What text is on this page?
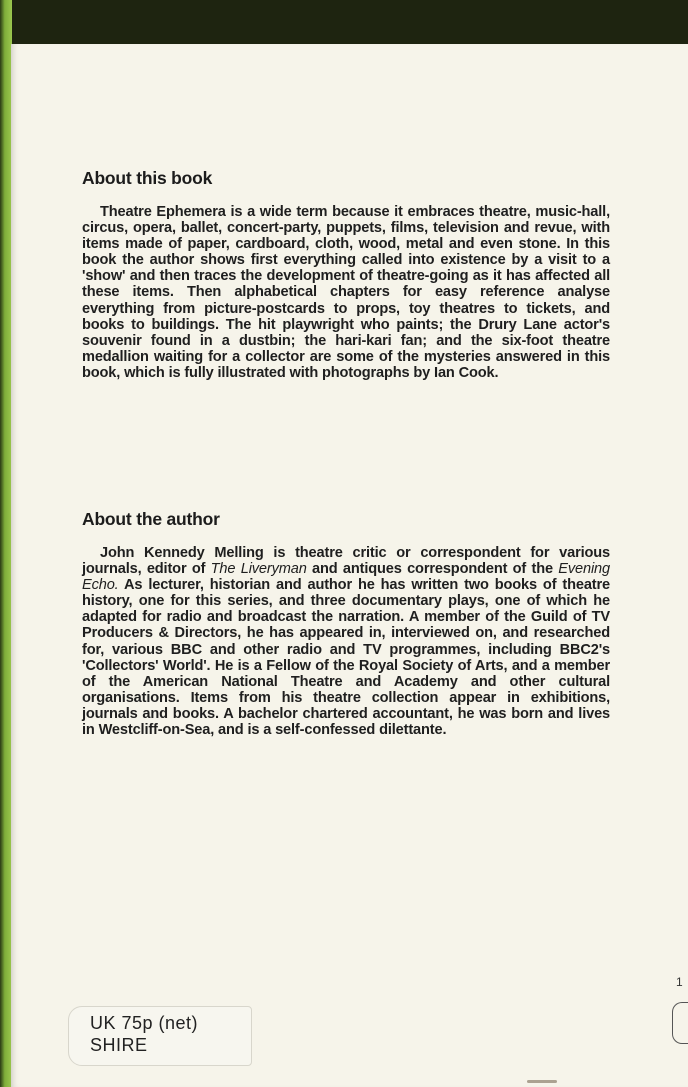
About this book

Theatre Ephemera is a wide term because it embraces theatre, music-hall, circus, opera, ballet, concert-party, puppets, films, television and revue, with items made of paper, cardboard, cloth, wood, metal and even stone. In this book the author shows first everything called into existence by a visit to a 'show' and then traces the development of theatre-going as it has affected all these items. Then alphabetical chapters for easy reference analyse everything from picture-postcards to props, toy theatres to tickets, and books to buildings. The hit playwright who paints; the Drury Lane actor's souvenir found in a dustbin; the hari-kari fan; and the six-foot theatre medallion waiting for a collector are some of the mysteries answered in this book, which is fully illustrated with photographs by Ian Cook.

About the author

John Kennedy Melling is theatre critic or correspondent for various journals, editor of The Liveryman and antiques correspondent of the Evening Echo. As lecturer, historian and author he has written two books of theatre history, one for this series, and three documentary plays, one of which he adapted for radio and broadcast the narration. A member of the Guild of TV Producers & Directors, he has appeared in, interviewed on, and researched for, various BBC and other radio and TV programmes, including BBC2's 'Collectors' World'. He is a Fellow of the Royal Society of Arts, and a member of the American National Theatre and Academy and other cultural organisations. Items from his theatre collection appear in exhibitions, journals and books. A bachelor chartered accountant, he was born and lives in Westcliff-on-Sea, and is a self-confessed dilettante.

UK 75p (net)
SHIRE
1
